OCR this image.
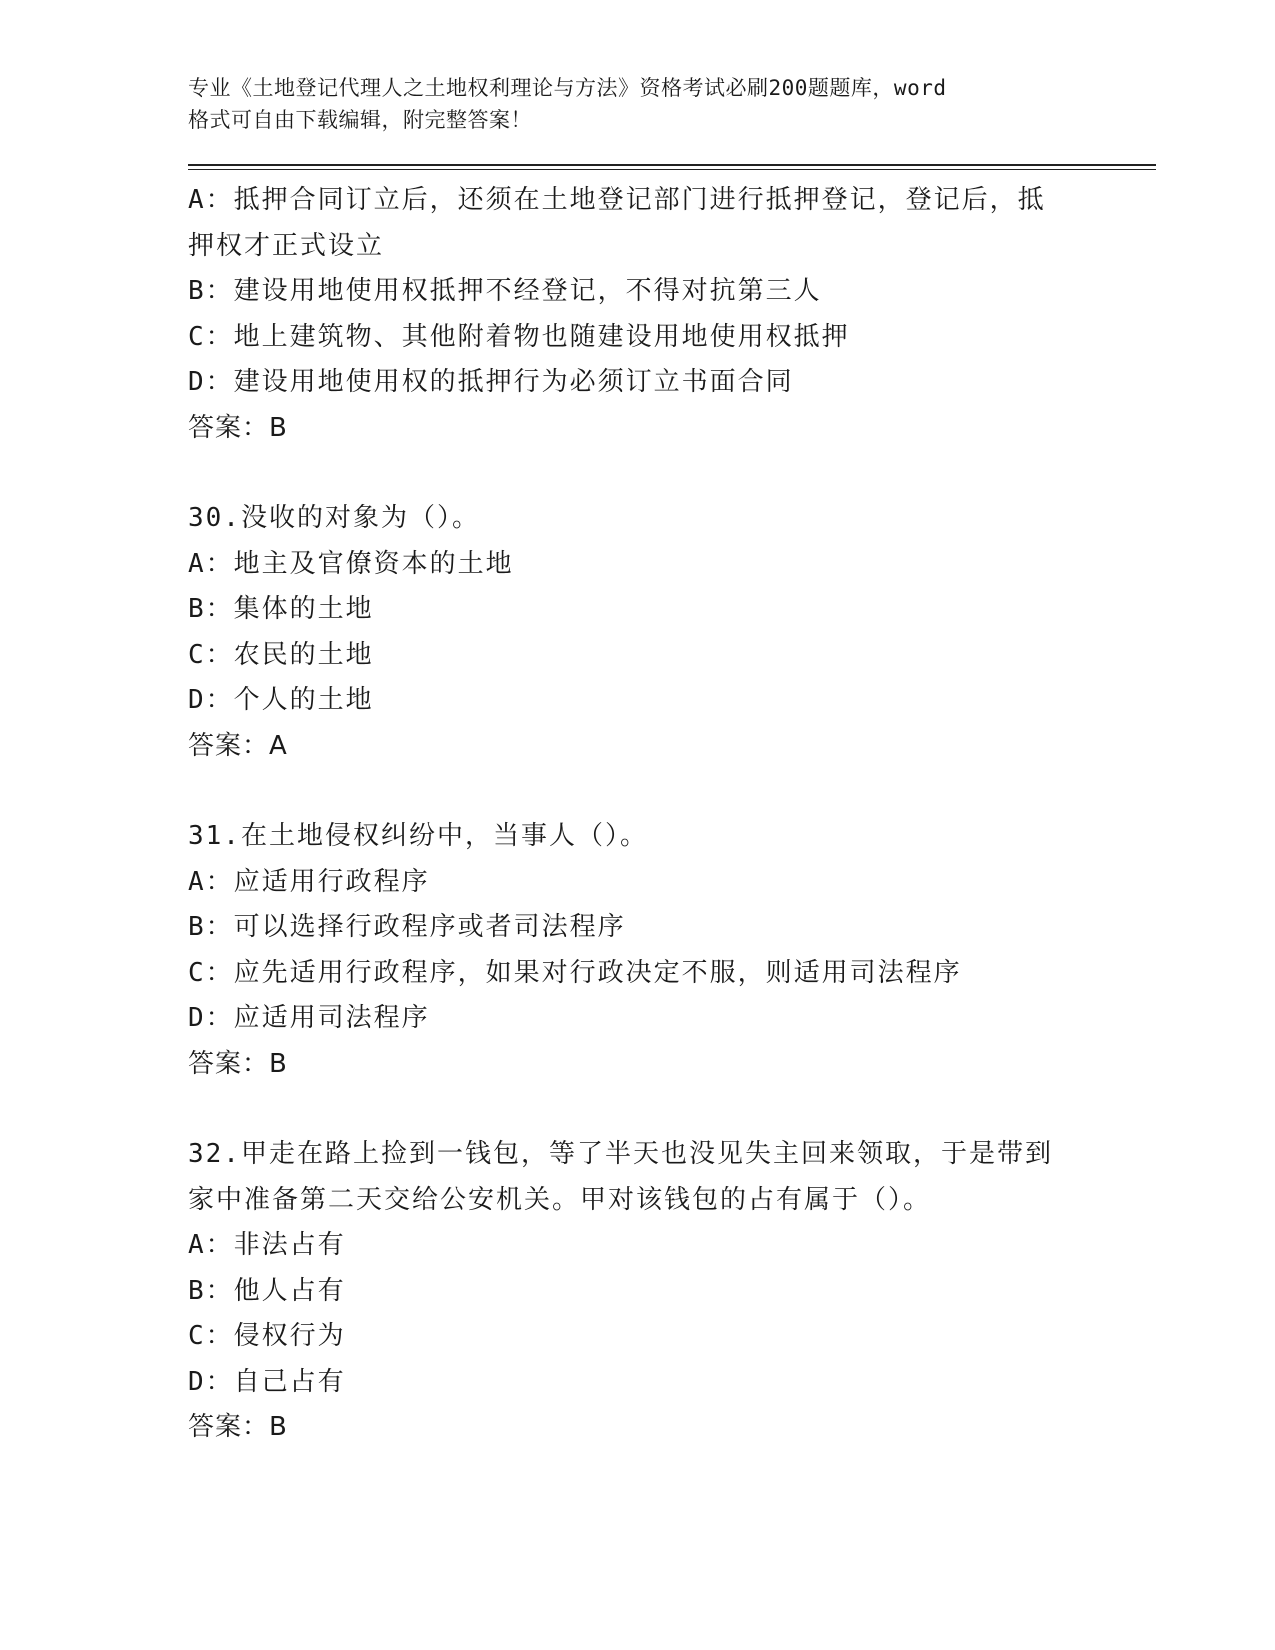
专业《土地登记代理人之土地权利理论与方法》资格考试必刷200题题库，word
格式可自由下载编辑，附完整答案！
A：抵押合同订立后，还须在土地登记部门进行抵押登记，登记后，抵
押权才正式设立
B：建设用地使用权抵押不经登记，不得对抗第三人
C：地上建筑物、其他附着物也随建设用地使用权抵押
D：建设用地使用权的抵押行为必须订立书面合同
答案：B
30.没收的对象为（）。
A：地主及官僚资本的土地
B：集体的土地
C：农民的土地
D：个人的土地
答案：A
31.在土地侵权纠纷中，当事人（）。
A：应适用行政程序
B：可以选择行政程序或者司法程序
C：应先适用行政程序，如果对行政决定不服，则适用司法程序
D：应适用司法程序
答案：B
32.甲走在路上捡到一钱包，等了半天也没见失主回来领取，于是带到
家中准备第二天交给公安机关。甲对该钱包的占有属于（）。
A：非法占有
B：他人占有
C：侵权行为
D：自己占有
答案：B
